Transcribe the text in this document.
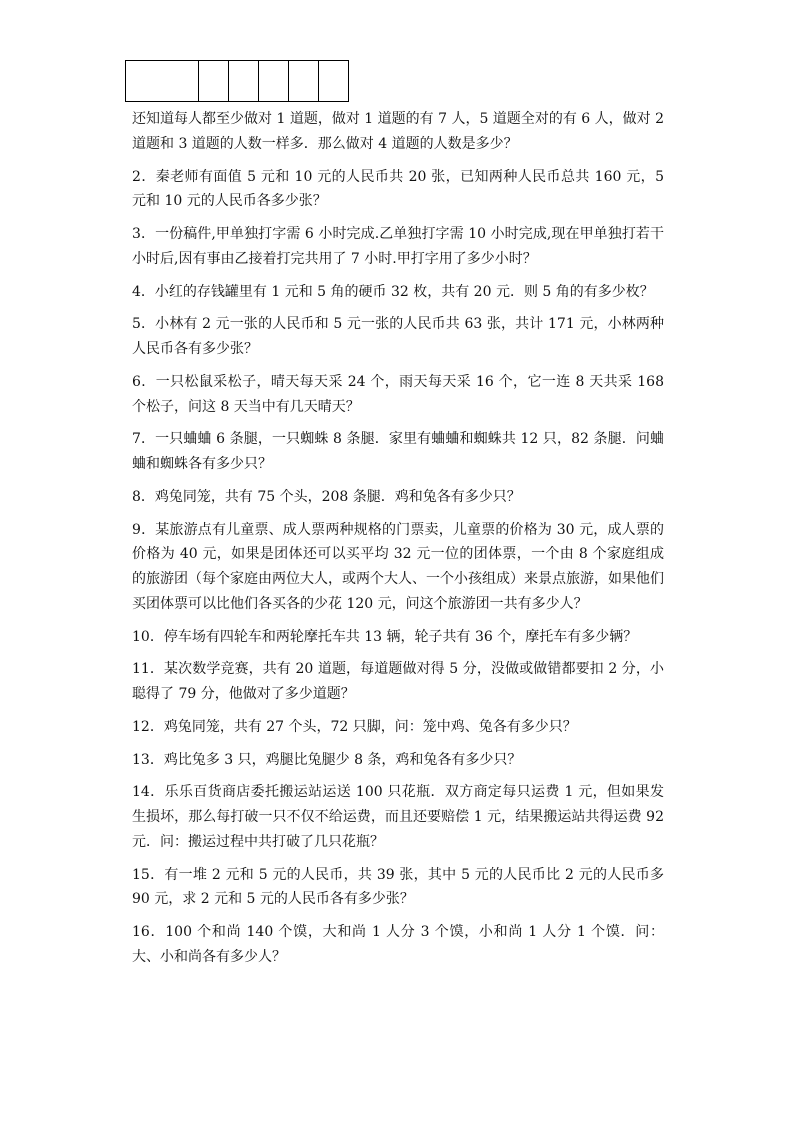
还知道每人都至少做对 1 道题，做对 1 道题的有 7 人，5 道题全对的有 6 人，做对 2 道题和 3 道题的人数一样多．那么做对 4 道题的人数是多少？

2．秦老师有面值 5 元和 10 元的人民币共 20 张，已知两种人民币总共 160 元，5 元和 10 元的人民币各多少张？

3．一份稿件,甲单独打字需 6 小时完成.乙单独打字需 10 小时完成,现在甲单独打若干小时后,因有事由乙接着打完共用了 7 小时.甲打字用了多少小时？

4．小红的存钱罐里有 1 元和 5 角的硬币 32 枚，共有 20 元．则 5 角的有多少枚？

5．小林有 2 元一张的人民币和 5 元一张的人民币共 63 张，共计 171 元，小林两种人民币各有多少张？

6．一只松鼠采松子，晴天每天采 24 个，雨天每天采 16 个，它一连 8 天共采 168 个松子，问这 8 天当中有几天晴天？

7．一只蛐蛐 6 条腿，一只蜘蛛 8 条腿．家里有蛐蛐和蜘蛛共 12 只，82 条腿．问蛐蛐和蜘蛛各有多少只？

8．鸡兔同笼，共有 75 个头，208 条腿．鸡和兔各有多少只？

9．某旅游点有儿童票、成人票两种规格的门票卖，儿童票的价格为 30 元，成人票的价格为 40 元，如果是团体还可以买平均 32 元一位的团体票，一个由 8 个家庭组成的旅游团（每个家庭由两位大人，或两个大人、一个小孩组成）来景点旅游，如果他们买团体票可以比他们各买各的少花 120 元，问这个旅游团一共有多少人？

10．停车场有四轮车和两轮摩托车共 13 辆，轮子共有 36 个，摩托车有多少辆？

11．某次数学竞赛，共有 20 道题，每道题做对得 5 分，没做或做错都要扣 2 分，小聪得了 79 分，他做对了多少道题？

12．鸡兔同笼，共有 27 个头，72 只脚，问：笼中鸡、兔各有多少只？

13．鸡比兔多 3 只，鸡腿比兔腿少 8 条，鸡和兔各有多少只？

14．乐乐百货商店委托搬运站运送 100 只花瓶．双方商定每只运费 1 元，但如果发生损坏，那么每打破一只不仅不给运费，而且还要赔偿 1 元，结果搬运站共得运费 92 元．问：搬运过程中共打破了几只花瓶？

15．有一堆 2 元和 5 元的人民币，共 39 张，其中 5 元的人民币比 2 元的人民币多 90 元，求 2 元和 5 元的人民币各有多少张？

16．100 个和尚 140 个馍，大和尚 1 人分 3 个馍，小和尚 1 人分 1 个馍．问：大、小和尚各有多少人？
